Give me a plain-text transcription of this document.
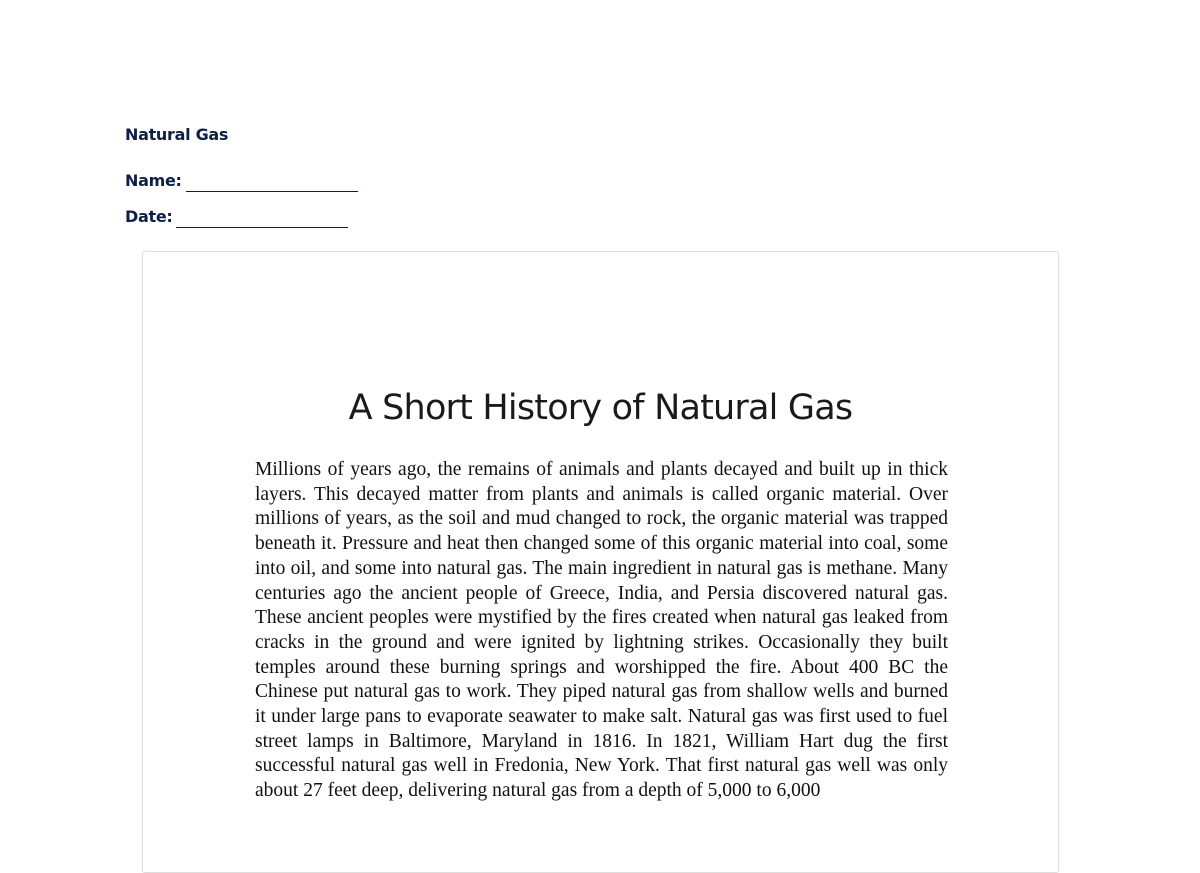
Natural Gas
Name:
Date:
A Short History of Natural Gas

Millions of years ago, the remains of animals and plants decayed and built up in thick layers. This decayed matter from plants and animals is called organic material. Over millions of years, as the soil and mud changed to rock, the organic material was trapped beneath it. Pressure and heat then changed some of this organic material into coal, some into oil, and some into natural gas. The main ingredient in natural gas is methane. Many centuries ago the ancient people of Greece, India, and Persia discovered natural gas. These ancient peoples were mystified by the fires created when natural gas leaked from cracks in the ground and were ignited by lightning strikes. Occasionally they built temples around these burning springs and worshipped the fire. About 400 BC the Chinese put natural gas to work. They piped natural gas from shallow wells and burned it under large pans to evaporate seawater to make salt. Natural gas was first used to fuel street lamps in Baltimore, Maryland in 1816. In 1821, William Hart dug the first successful natural gas well in Fredonia, New York. That first natural gas well was only about 27 feet deep, delivering natural gas from a depth of 5,000 to 6,000
